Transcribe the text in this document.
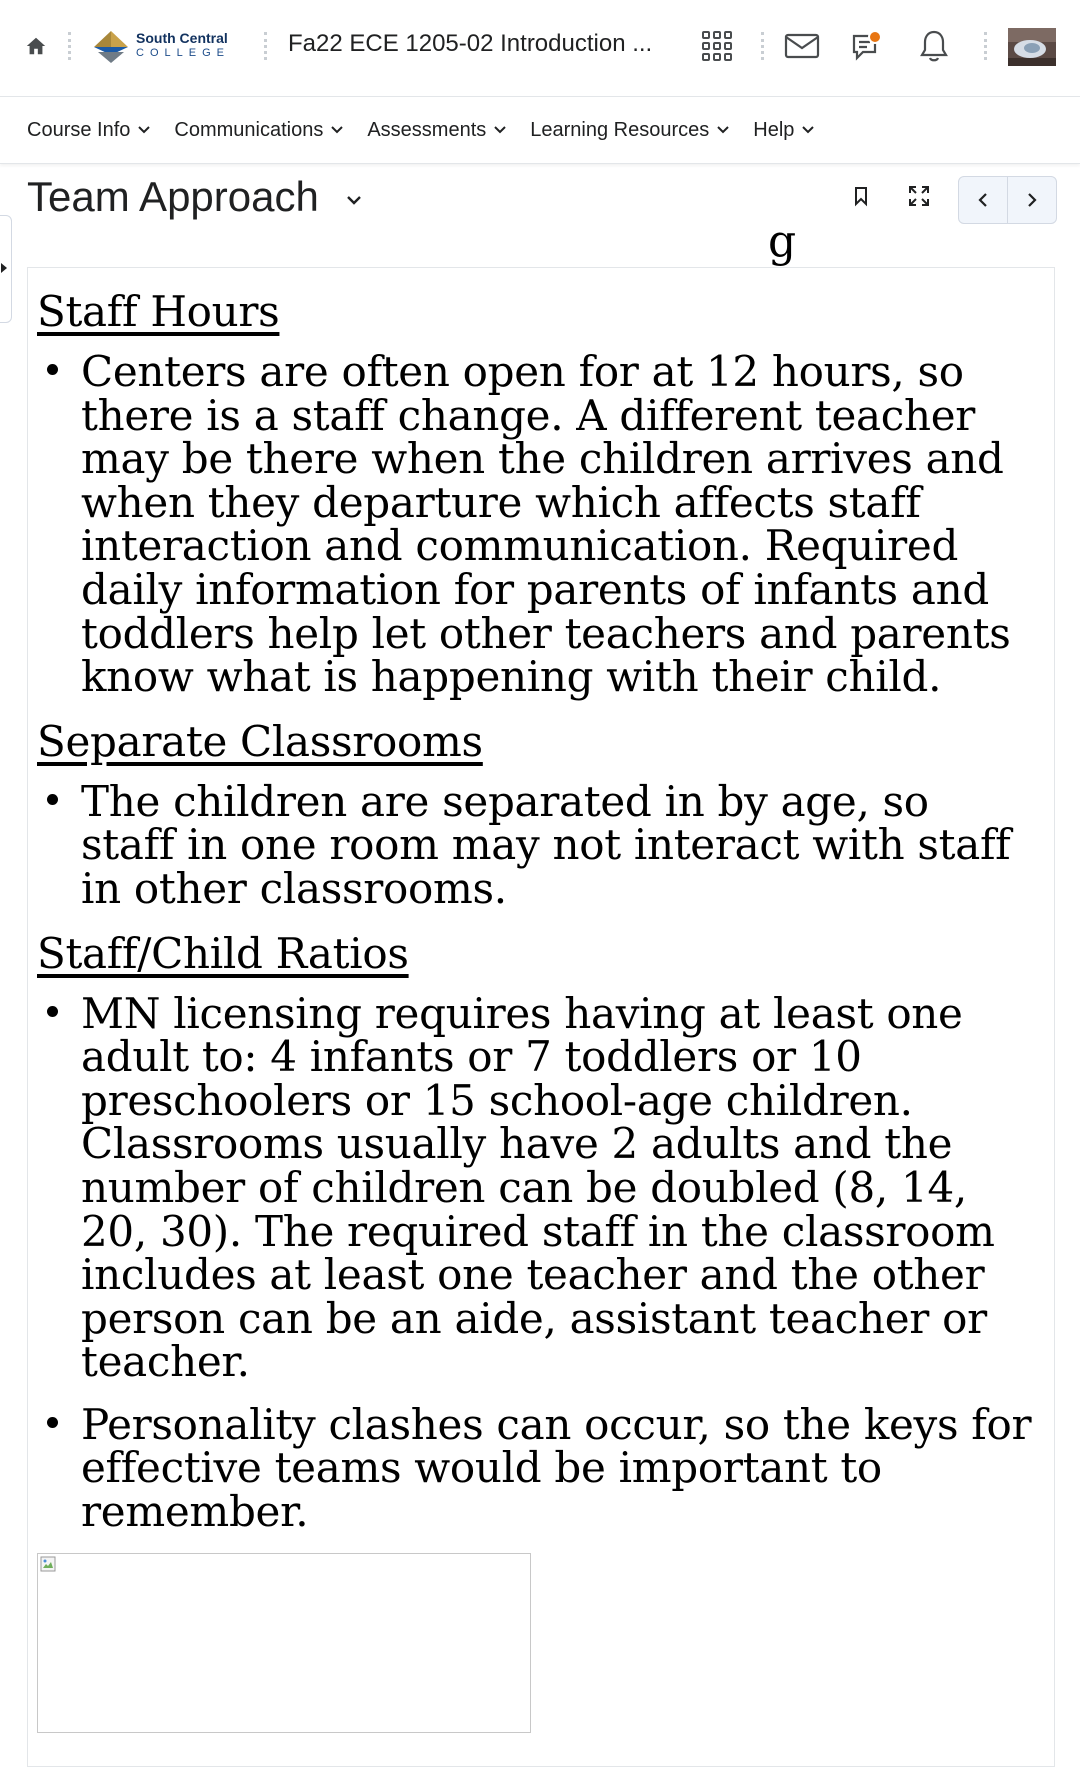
South Central
COLLEGE Fa22 ECE 1205-02 Introduction ...
Course Info Communications Assessments Learning Resources Help
Team Approach
g
Staff Hours
Centers are often open for at 12 hours, so there is a staff change. A different teacher may be there when the children arrives and when they departure which affects staff interaction and communication. Required daily information for parents of infants and toddlers help let other teachers and parents know what is happening with their child.
Separate Classrooms
The children are separated in by age, so staff in one room may not interact with staff in other classrooms.
Staff/Child Ratios
MN licensing requires having at least one adult to: 4 infants or 7 toddlers or 10 preschoolers or 15 school-age children. Classrooms usually have 2 adults and the number of children can be doubled (8, 14, 20, 30). The required staff in the classroom includes at least one teacher and the other person can be an aide, assistant teacher or teacher.
Personality clashes can occur, so the keys for effective teams would be important to remember.
